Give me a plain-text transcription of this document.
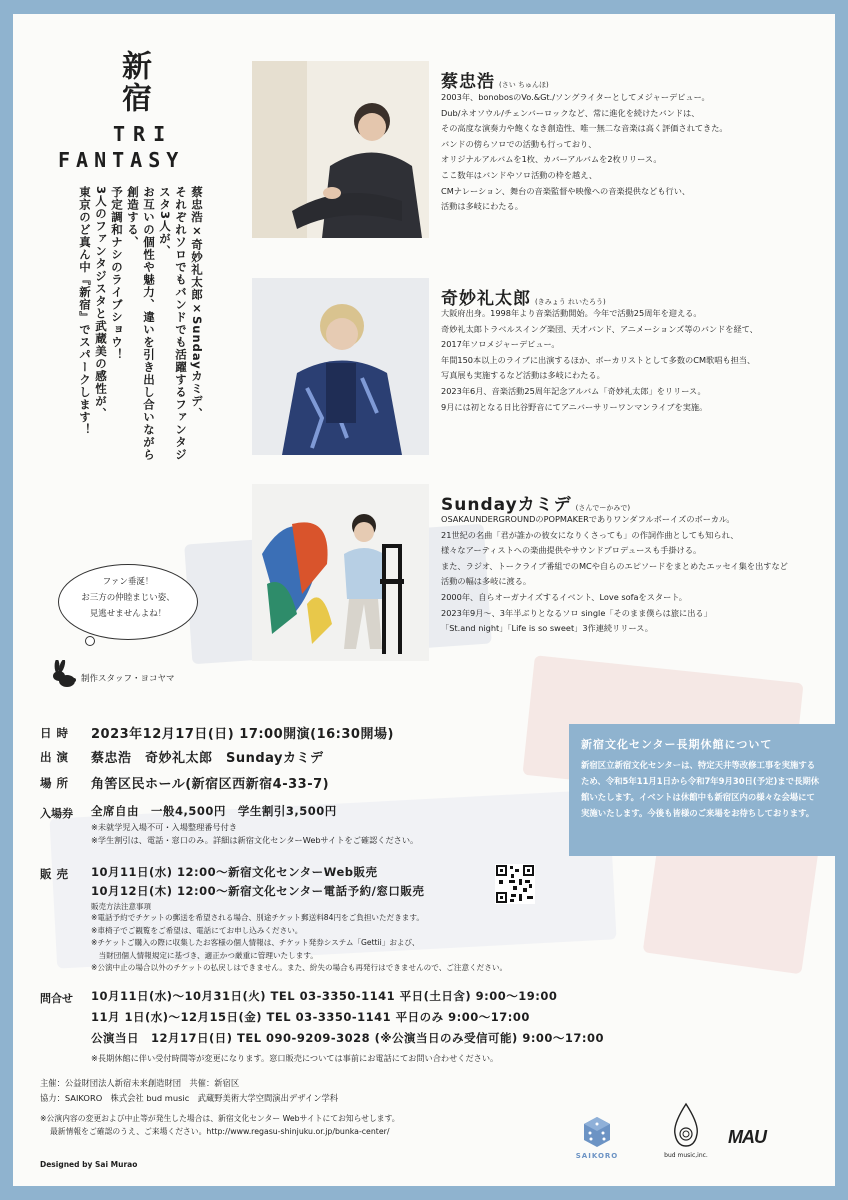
新宿
TRI
FANTASY
蔡忠浩×奇妙礼太郎×Sundayカミデ、
それぞれソロでもバンドでも活躍するファンタジスタ3人が、
お互いの個性や魅力、違いを引き出し合いながら創造する、
予定調和ナシのライブショウ！
3人のファンタジスタと武蔵美の感性が、
東京のど真ん中『新宿』でスパークします！
ファン垂涎！
お三方の仲睦まじい姿、
見逃せませんよね！
制作スタッフ・ヨコヤマ
蔡忠浩 (さい ちゅんほ)
2003年、bonobosのVo.&Gt./ソングライターとしてメジャーデビュー。
Dub/ネオソウル/チェンバーロックなど、常に進化を続けたバンドは、
その高度な演奏力や飽くなき創造性、唯一無二な音楽は高く評価されてきた。
バンドの傍らソロでの活動も行っており、
オリジナルアルバムを1枚、カバーアルバムを2枚リリース。
ここ数年はバンドやソロ活動の枠を越え、
CMナレーション、舞台の音楽監督や映像への音楽提供なども行い、
活動は多岐にわたる。
奇妙礼太郎 (きみょう れいたろう)
大阪府出身。1998年より音楽活動開始。今年で活動25周年を迎える。
奇妙礼太郎トラベルスイング楽団、天才バンド、アニメーションズ等のバンドを経て、
2017年ソロメジャーデビュー。
年間150本以上のライブに出演するほか、ボーカリストとして多数のCM歌唱も担当、
写真展も実施するなど活動は多岐にわたる。
2023年6月、音楽活動25周年記念アルバム「奇妙礼太郎」をリリース。
9月には初となる日比谷野音にてアニバーサリーワンマンライブを実施。
Sundayカミデ (さんでーかみで)
OSAKAUNDERGROUNDのPOPMAKERでありワンダフルボーイズのボーカル。
21世紀の名曲「君が誰かの彼女になりくさっても」の作詞作曲としても知られ、
様々なアーティストへの楽曲提供やサウンドプロデュースも手掛ける。
また、ラジオ、トークライブ番組でのMCや自らのエピソードをまとめたエッセイ集を出すなど
活動の幅は多岐に渡る。
2000年、自らオーガナイズするイベント、Love sofaをスタート。
2023年9月〜、3年半ぶりとなるソロ single「そのまま僕らは旅に出る」
「St.and night」「Life is so sweet」3作連続リリース。
新宿文化センター長期休館について
新宿区立新宿文化センターは、特定天井等改修工事を実施するため、令和5年11月1日から令和7年9月30日(予定)まで長期休館いたします。イベントは休館中も新宿区内の様々な会場にて実施いたします。今後も皆様のご来場をお待ちしております。
日時 2023年12月17日(日) 17:00開演(16:30開場)
出演 蔡忠浩　奇妙礼太郎　Sundayカミデ
場所 角筈区民ホール(新宿区西新宿4-33-7)
入場券 全席自由　一般4,500円　学生割引3,500円
※未就学児入場不可・入場整理番号付き
※学生割引は、電話・窓口のみ。詳細は新宿文化センターWebサイトをご確認ください。
販売 10月11日(水) 12:00〜新宿文化センターWeb販売
10月12日(木) 12:00〜新宿文化センター電話予約/窓口販売
販売方法注意事項
※電話予約でチケットの郵送を希望される場合、別途チケット郵送料84円をご負担いただきます。
※車椅子でご観覧をご希望は、電話にてお申し込みください。
※チケットご購入の際に収集したお客様の個人情報は、チケット発券システム「Gettii」および、
　当財団個人情報規定に基づき、適正かつ厳重に管理いたします。
※公演中止の場合以外のチケットの払戻しはできません。また、紛失の場合も再発行はできませんので、ご注意ください。
問合せ 10月11日(水)〜10月31日(火) TEL 03-3350-1141 平日(土日含) 9:00〜19:00
11月 1日(水)〜12月15日(金) TEL 03-3350-1141 平日のみ 9:00〜17:00
公演当日　12月17日(日) TEL 090-9209-3028 (※公演当日のみ受信可能) 9:00〜17:00
※長期休館に伴い受付時間等が変更になります。窓口販売については事前にお電話にてお問い合わせください。
主催：公益財団法人新宿未来創造財団　共催：新宿区
協力：SAIKORO　株式会社 bud music　武蔵野美術大学空間演出デザイン学科
※公演内容の変更および中止等が発生した場合は、新宿文化センター Webサイトにてお知らせします。
最新情報をご確認のうえ、ご来場ください。http://www.regasu-shinjuku.or.jp/bunka-center/
Designed by Sai Murao
SAIKORO	bud music,inc.
MAU
